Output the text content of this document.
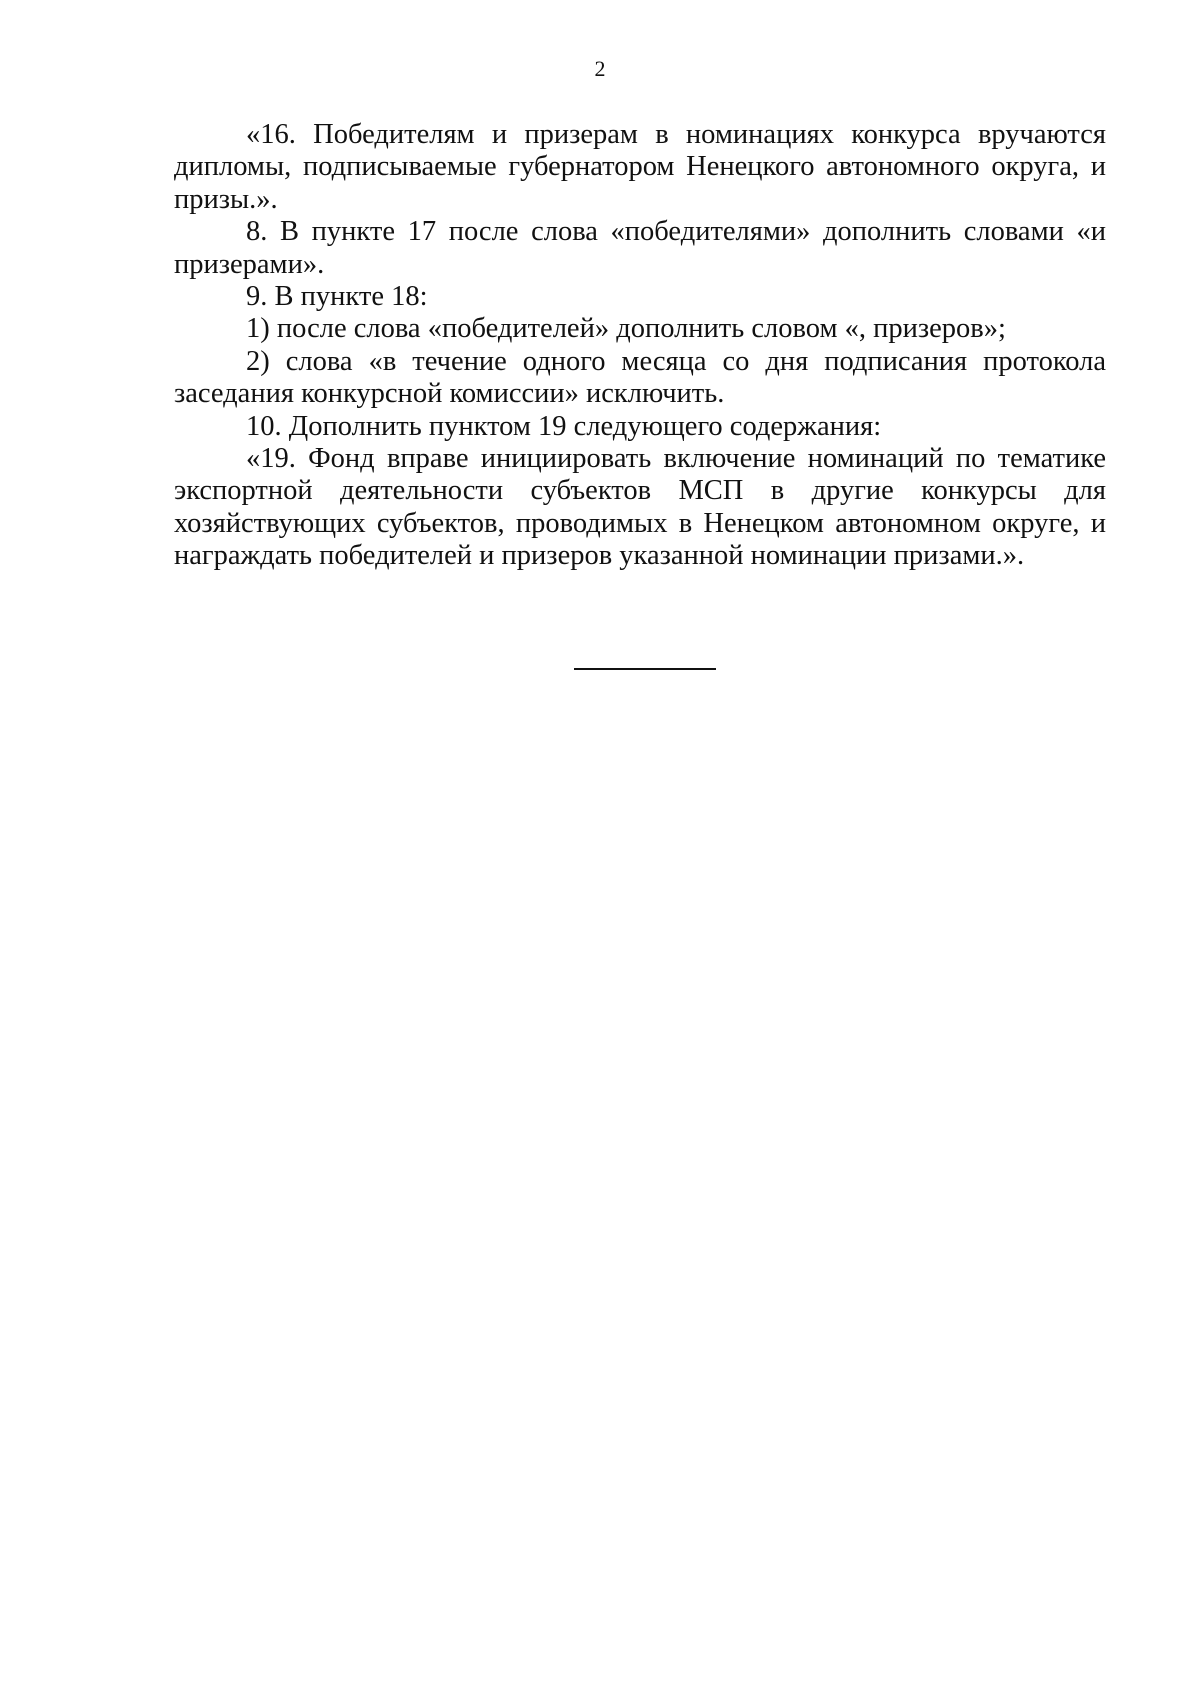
2

«16. Победителям и призерам в номинациях конкурса вручаются дипломы, подписываемые губернатором Ненецкого автономного округа, и призы.».

8. В пункте 17 после слова «победителями» дополнить словами «и призерами».

9. В пункте 18:

1) после слова «победителей» дополнить словом «, призеров»;

2) слова «в течение одного месяца со дня подписания протокола заседания конкурсной комиссии» исключить.

10. Дополнить пунктом 19 следующего содержания:

«19. Фонд вправе инициировать включение номинаций по тематике экспортной деятельности субъектов МСП в другие конкурсы для хозяйствующих субъектов, проводимых в Ненецком автономном округе, и награждать победителей и призеров указанной номинации призами.».
